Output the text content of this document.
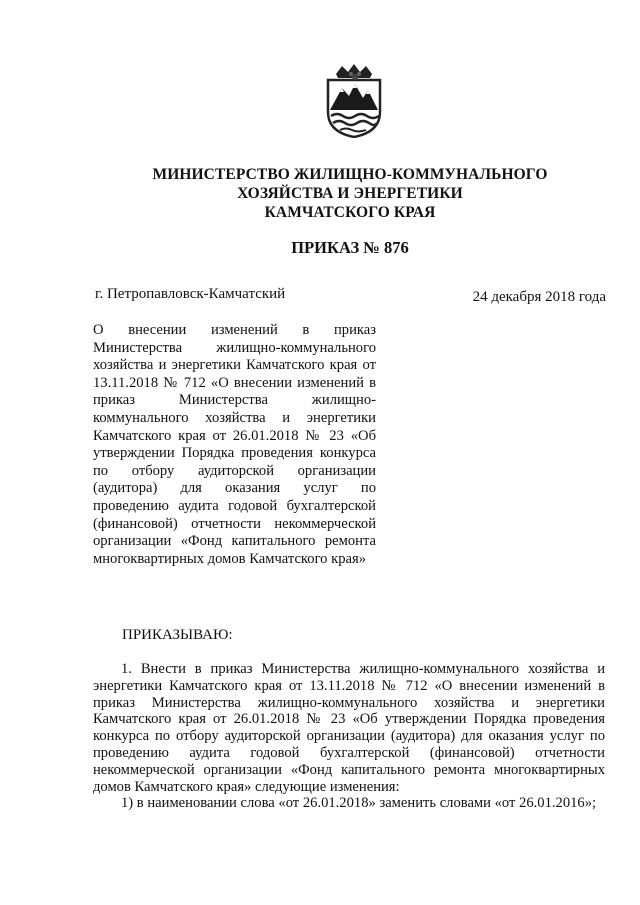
МИНИСТЕРСТВО ЖИЛИЩНО-КОММУНАЛЬНОГО
ХОЗЯЙСТВА И ЭНЕРГЕТИКИ
КАМЧАТСКОГО КРАЯ
ПРИКАЗ № 876
г. Петропавловск-Камчатский	24 декабря 2018 года
О внесении изменений в приказ Министерства жилищно-коммунального хозяйства и энергетики Камчатского края от 13.11.2018 № 712 «О внесении изменений в приказ Министерства жилищно-коммунального хозяйства и энергетики Камчатского края от 26.01.2018 № 23 «Об утверждении Порядка проведения конкурса по отбору аудиторской организации (аудитора) для оказания услуг по проведению аудита годовой бухгалтерской (финансовой) отчетности некоммерческой организации «Фонд капитального ремонта многоквартирных домов Камчатского края»
ПРИКАЗЫВАЮ:

1. Внести в приказ Министерства жилищно-коммунального хозяйства и энергетики Камчатского края от 13.11.2018 № 712 «О внесении изменений в приказ Министерства жилищно-коммунального хозяйства и энергетики Камчатского края от 26.01.2018 № 23 «Об утверждении Порядка проведения конкурса по отбору аудиторской организации (аудитора) для оказания услуг по проведению аудита годовой бухгалтерской (финансовой) отчетности некоммерческой организации «Фонд капитального ремонта многоквартирных домов Камчатского края» следующие изменения:

1) в наименовании слова «от 26.01.2018» заменить словами «от 26.01.2016»;
